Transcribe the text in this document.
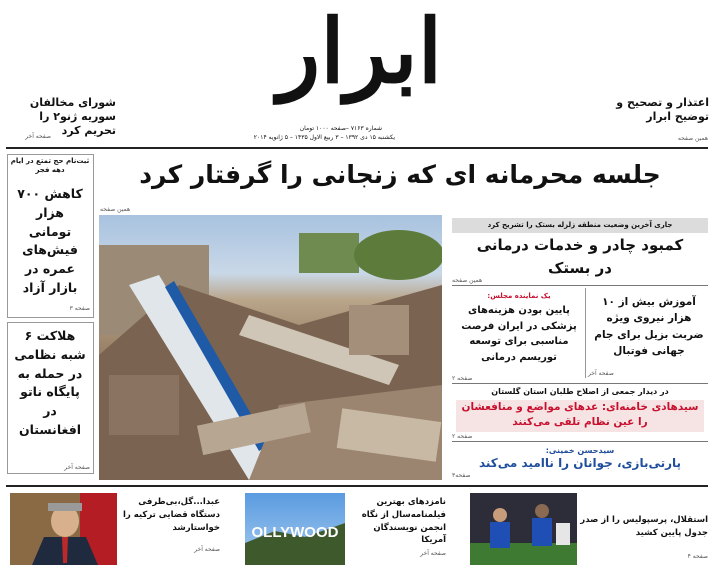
ابرار
شماره ۷۱۶۳ –صفحه ۱۰۰۰ تومان
یکشنبه ۱۵ دی ۱۳۹۲ – ۳ ربیع الاول ۱۴۳۵ – ۵ ژانویه ۲۰۱۴
اعتذار و تصحیح و توضیح ابرار
همین صفحه
شورای مخالفان سوریه ژنو۲ را تحریم کرد
صفحه آخر
جلسه محرمانه ای که زنجانی را گرفتار کرد
ثبت‌نام حج تمتع در ایام دهه فجر
کاهش ۷۰۰ هزار تومانی فیش‌های عمره در بازار آزاد
صفحه ۳
هلاکت ۶ شبه نظامی در حمله به پایگاه ناتو در افغانستان
صفحه آخر
همین صفحه
جاری آخرین وضعیت منطقه زلزله بستک را تشریح کرد
کمبود چادر و خدمات درمانی در بستک
همین صفحه
آموزش بیش از ۱۰ هزار نیروی ویژه ضربت بزیل برای جام جهانی فوتبال
صفحه آخر
یک نماینده مجلس:
پایین بودن هزینه‌های پزشکی در ایران فرصت مناسبی برای توسعه توریسم درمانی
صفحه ۲
در دیدار جمعی از اصلاح طلبان استان گلستان
سیدهادی خامنه‌ای: عدهای مواضع و منافعشان را عین نظام تلقی می‌کنند
صفحه ۲
سیدحسن خمینی:
پارتی‌بازی، جوانان را ناامید می‌کند
صفحه۳
عبدا...گل،بی‌طرفی دستگاه قضایی ترکیه را خواستارشد
صفحه آخر
OLLYWOOD
نامزدهای بهترین فیلمنامه‌سال از نگاه انجمن نویسندگان آمریکا
صفحه آخر
استقلال، پرسپولیس را از صدر جدول پایین کشید
صفحه ۴
